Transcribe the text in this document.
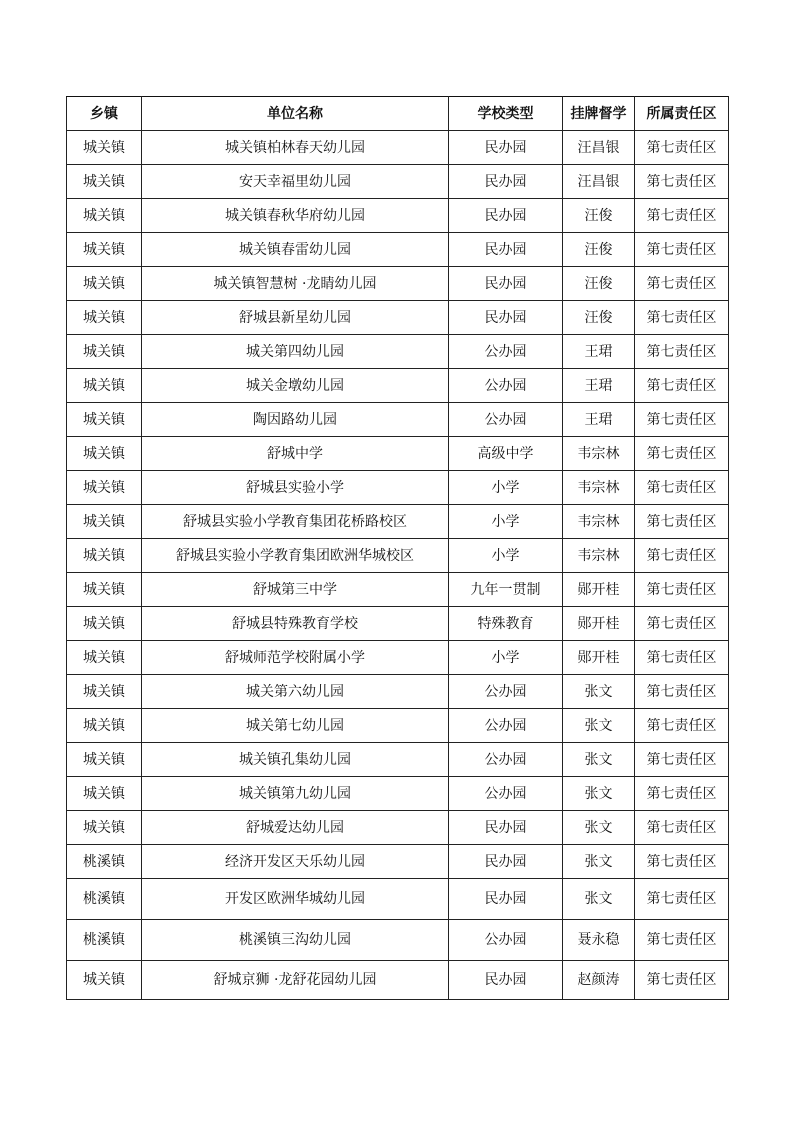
乡镇	单位名称	学校类型	挂牌督学	所属责任区
城关镇	城关镇柏林春天幼儿园	民办园	汪昌银	第七责任区
城关镇	安天幸福里幼儿园	民办园	汪昌银	第七责任区
城关镇	城关镇春秋华府幼儿园	民办园	汪俊	第七责任区
城关镇	城关镇春雷幼儿园	民办园	汪俊	第七责任区
城关镇	城关镇智慧树 ·龙睛幼儿园	民办园	汪俊	第七责任区
城关镇	舒城县新星幼儿园	民办园	汪俊	第七责任区
城关镇	城关第四幼儿园	公办园	王珺	第七责任区
城关镇	城关金墩幼儿园	公办园	王珺	第七责任区
城关镇	陶因路幼儿园	公办园	王珺	第七责任区
城关镇	舒城中学	高级中学	韦宗林	第七责任区
城关镇	舒城县实验小学	小学	韦宗林	第七责任区
城关镇	舒城县实验小学教育集团花桥路校区	小学	韦宗林	第七责任区
城关镇	舒城县实验小学教育集团欧洲华城校区	小学	韦宗林	第七责任区
城关镇	舒城第三中学	九年一贯制	郧开桂	第七责任区
城关镇	舒城县特殊教育学校	特殊教育	郧开桂	第七责任区
城关镇	舒城师范学校附属小学	小学	郧开桂	第七责任区
城关镇	城关第六幼儿园	公办园	张文	第七责任区
城关镇	城关第七幼儿园	公办园	张文	第七责任区
城关镇	城关镇孔集幼儿园	公办园	张文	第七责任区
城关镇	城关镇第九幼儿园	公办园	张文	第七责任区
城关镇	舒城爱达幼儿园	民办园	张文	第七责任区
桃溪镇	经济开发区天乐幼儿园	民办园	张文	第七责任区
桃溪镇	开发区欧洲华城幼儿园	民办园	张文	第七责任区
桃溪镇	桃溪镇三沟幼儿园	公办园	聂永稳	第七责任区
城关镇	舒城京狮 ·龙舒花园幼儿园	民办园	赵颜涛	第七责任区
